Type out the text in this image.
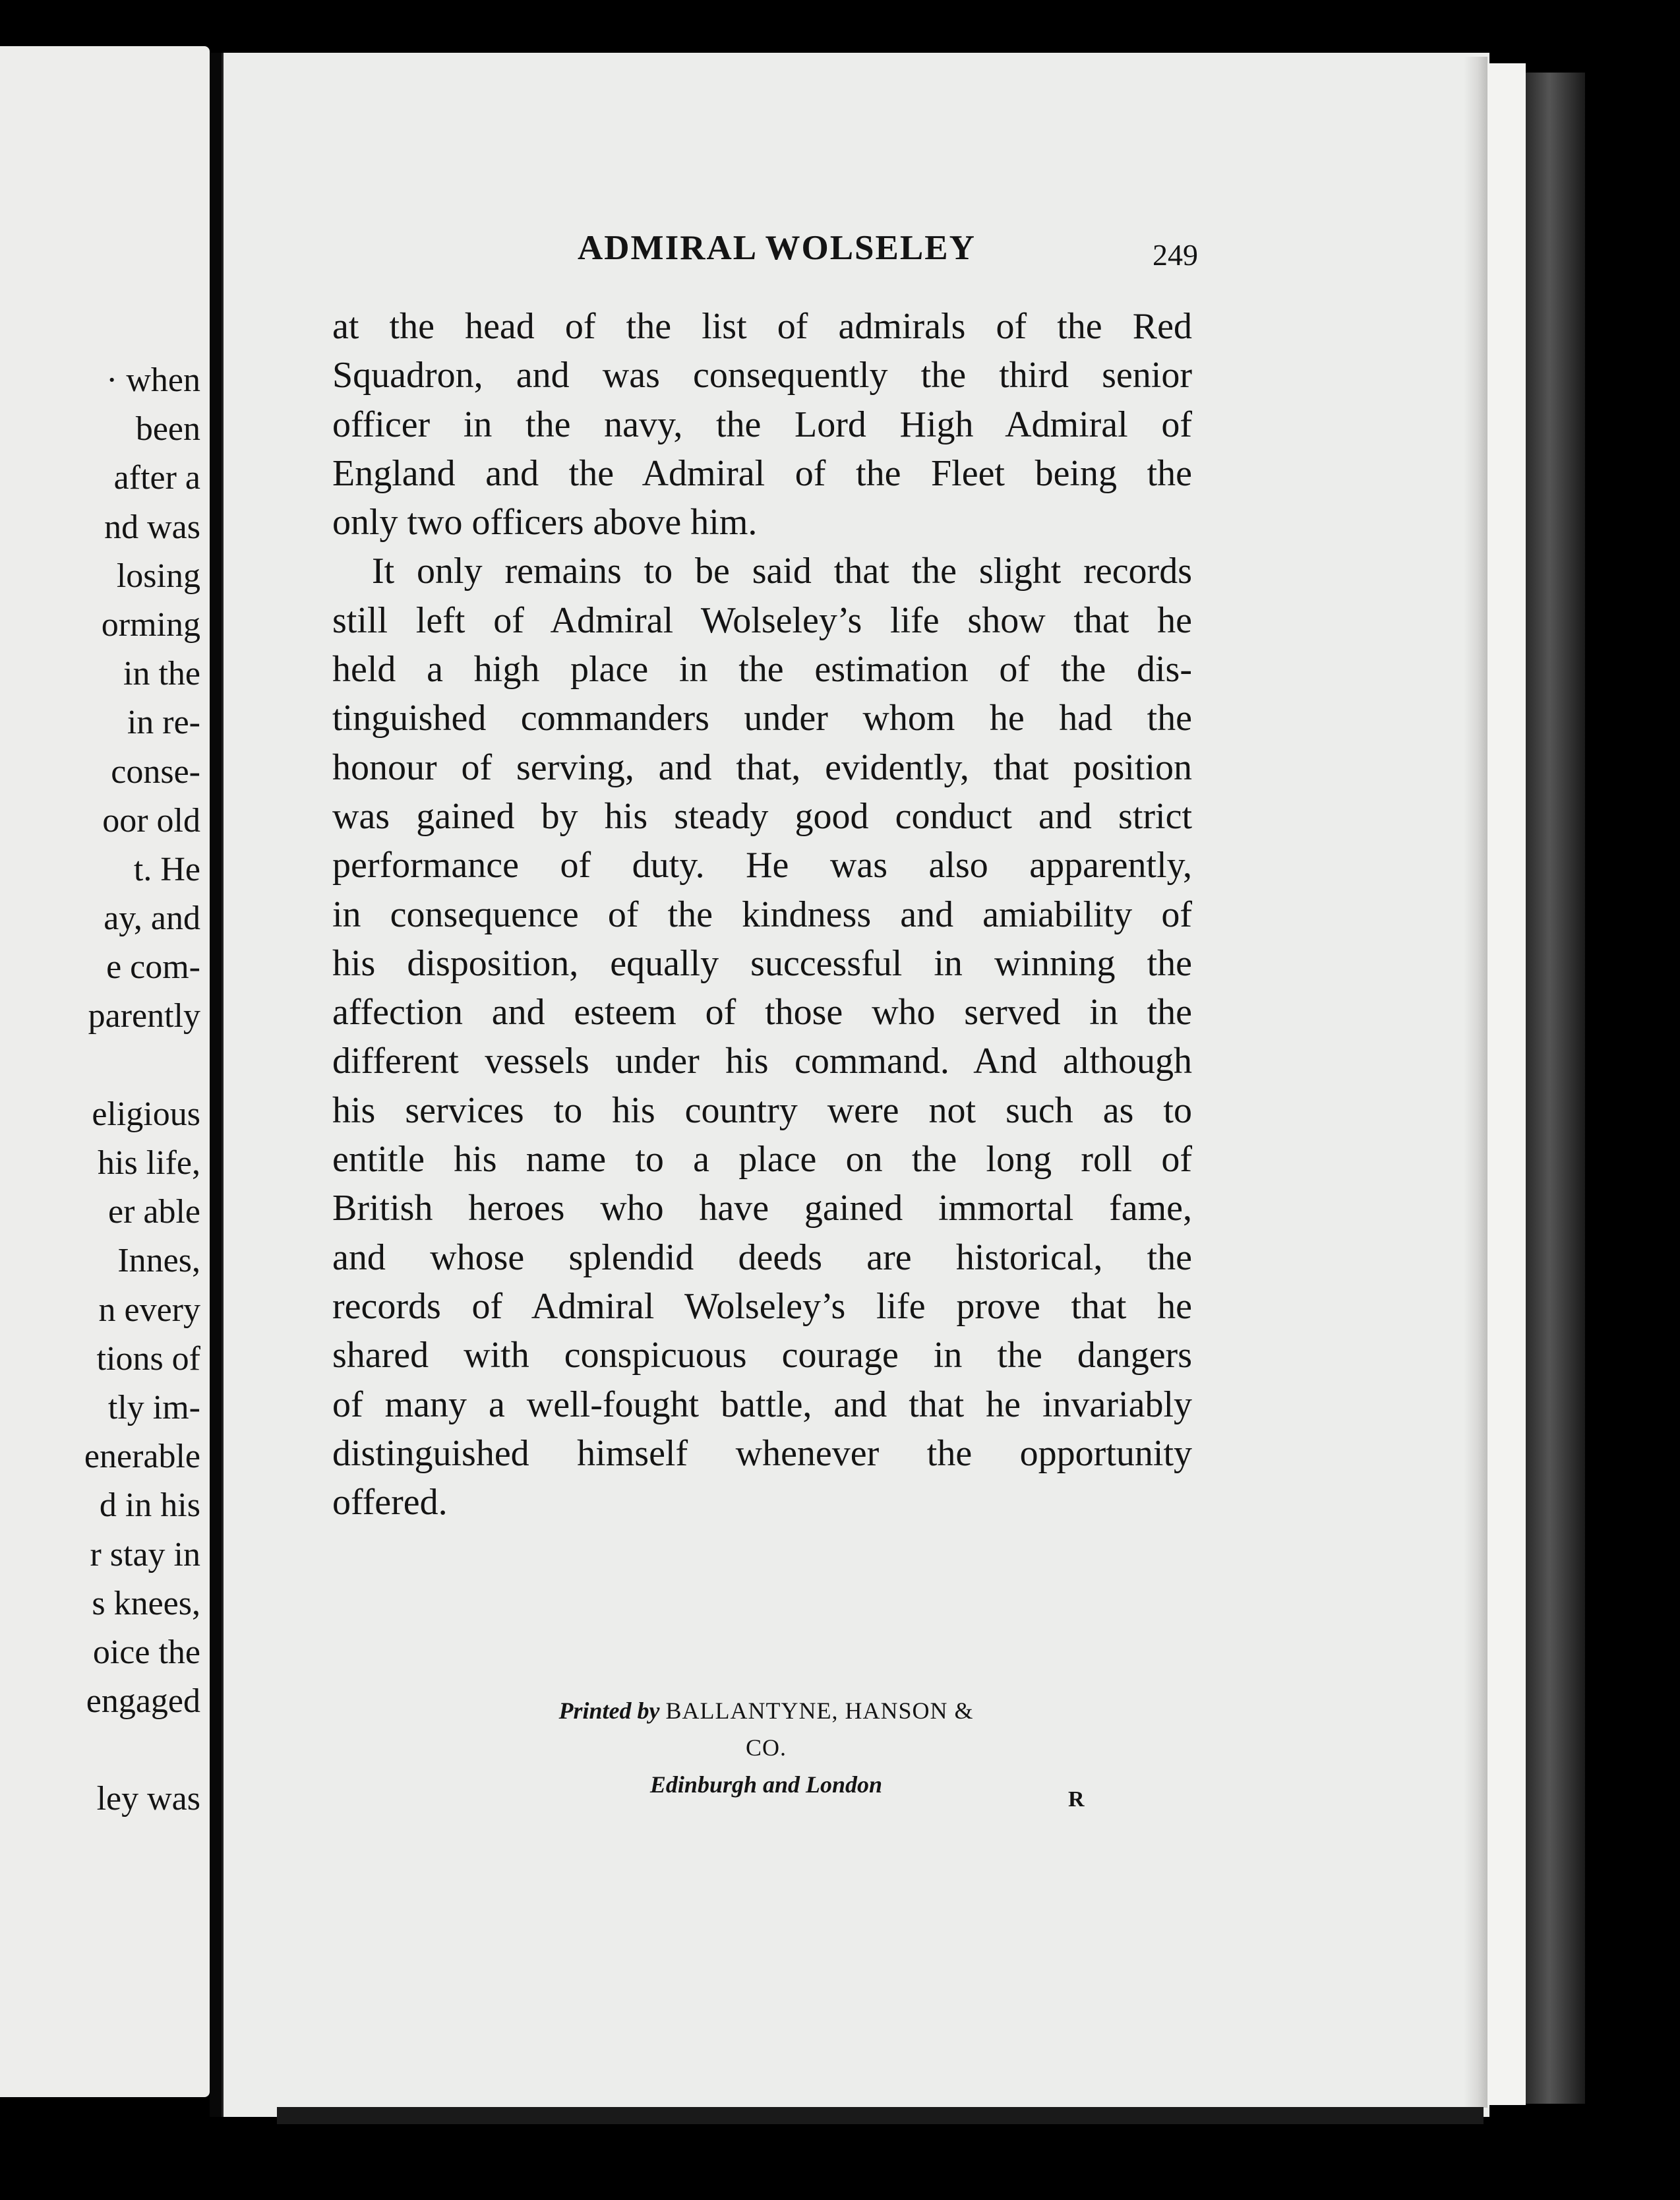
· when
been
after a
nd was
losing
orming
in the
in re-
conse-
oor old
t. He
ay, and
e com-
parently
eligious
his life,
er able
Innes,
n every
tions of
tly im-
enerable
d in his
r stay in
s knees,
oice the
engaged
ley was
ADMIRAL WOLSELEY	249
at the head of the list of admirals of the Red
Squadron, and was consequently the third senior
officer in the navy, the Lord High Admiral of
England and the Admiral of the Fleet being the
only two officers above him.
It only remains to be said that the slight records
still left of Admiral Wolseley’s life show that he
held a high place in the estimation of the dis-
tinguished commanders under whom he had the
honour of serving, and that, evidently, that position
was gained by his steady good conduct and strict
performance of duty. He was also apparently,
in consequence of the kindness and amiability of
his disposition, equally successful in winning the
affection and esteem of those who served in the
different vessels under his command. And although
his services to his country were not such as to
entitle his name to a place on the long roll of
British heroes who have gained immortal fame,
and whose splendid deeds are historical, the
records of Admiral Wolseley’s life prove that he
shared with conspicuous courage in the dangers
of many a well-fought battle, and that he invariably
distinguished himself whenever the opportunity
offered.
Printed by BALLANTYNE, HANSON & CO.
Edinburgh and London
R
